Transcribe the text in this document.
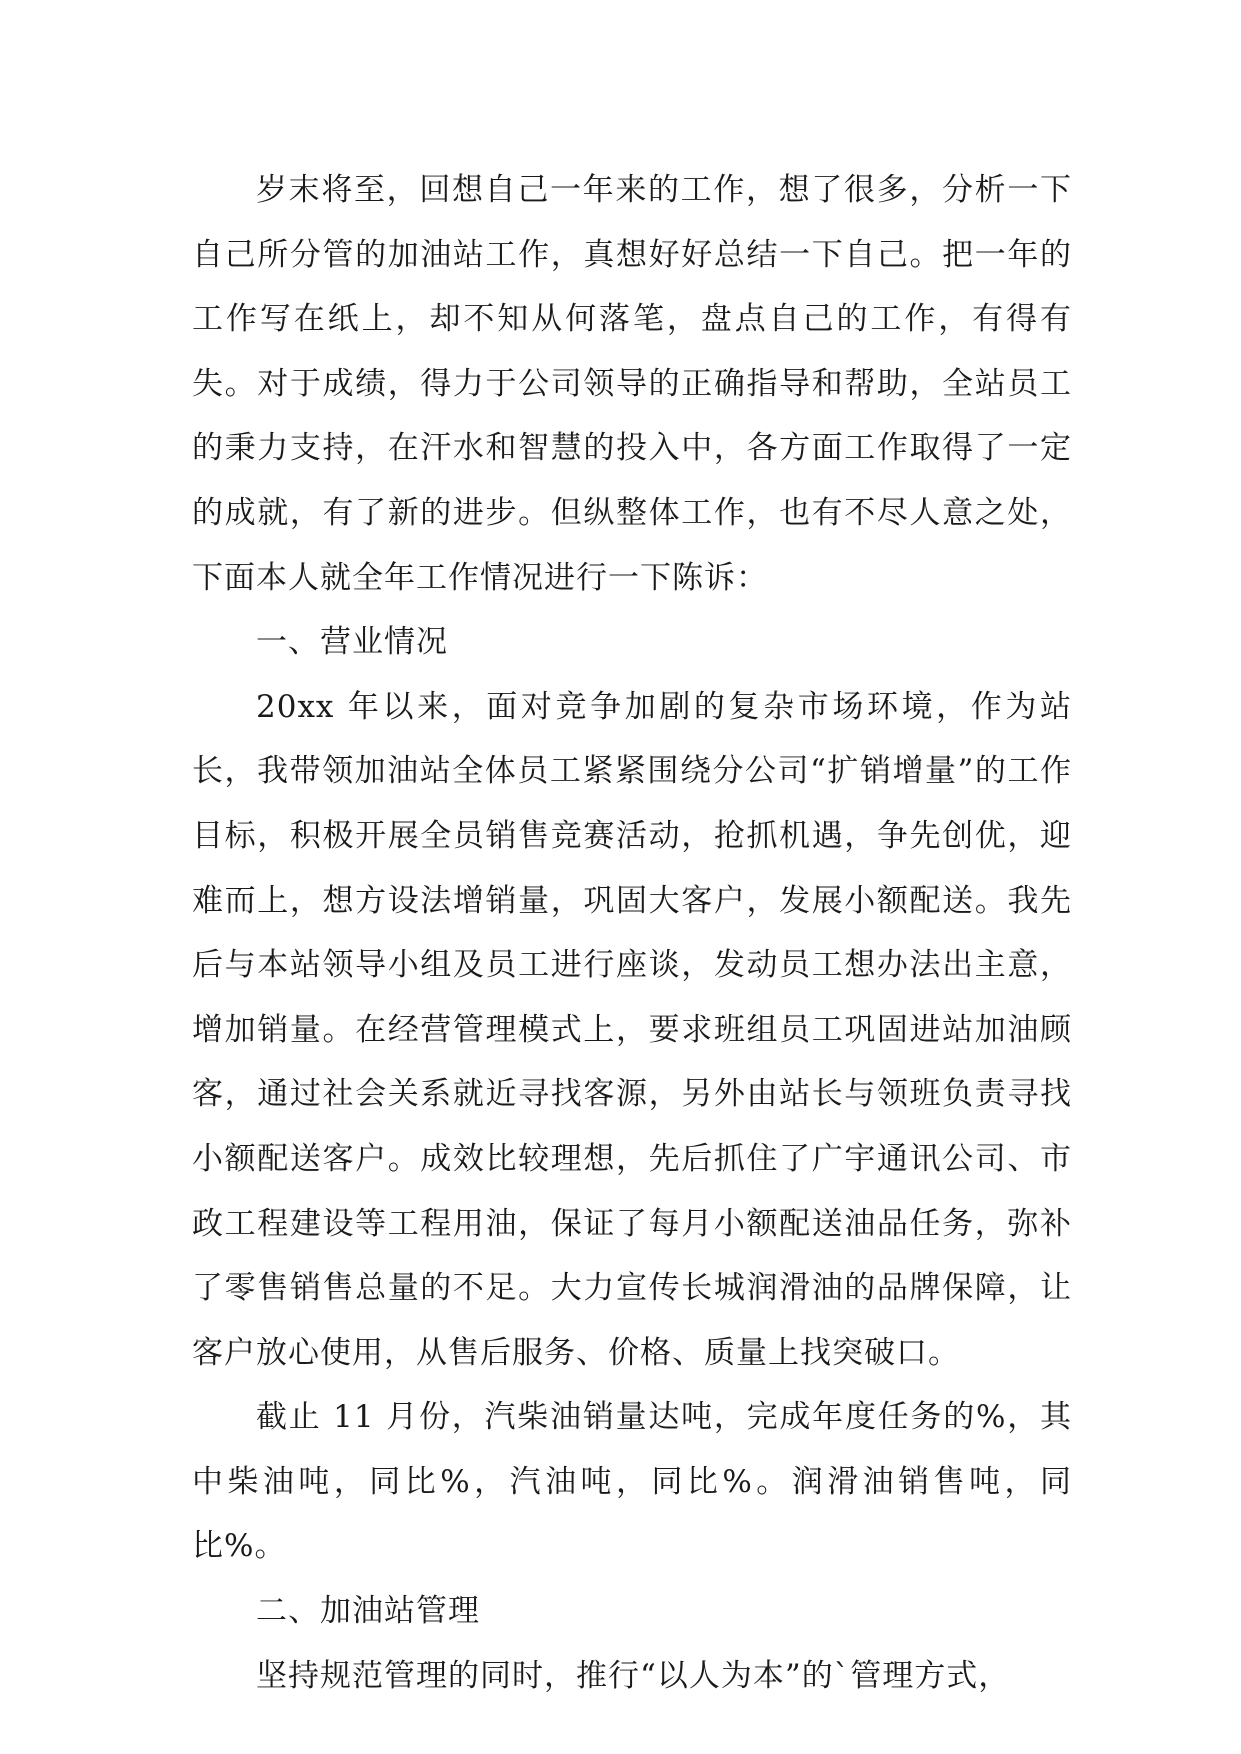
岁末将至，回想自己一年来的工作，想了很多，分析一下自己所分管的加油站工作，真想好好总结一下自己。把一年的工作写在纸上，却不知从何落笔，盘点自己的工作，有得有失。对于成绩，得力于公司领导的正确指导和帮助，全站员工的秉力支持，在汗水和智慧的投入中，各方面工作取得了一定的成就，有了新的进步。但纵整体工作，也有不尽人意之处，下面本人就全年工作情况进行一下陈诉：

一、营业情况

20xx 年以来，面对竞争加剧的复杂市场环境，作为站长，我带领加油站全体员工紧紧围绕分公司“扩销增量”的工作目标，积极开展全员销售竞赛活动，抢抓机遇，争先创优，迎难而上，想方设法增销量，巩固大客户，发展小额配送。我先后与本站领导小组及员工进行座谈，发动员工想办法出主意，增加销量。在经营管理模式上，要求班组员工巩固进站加油顾客，通过社会关系就近寻找客源，另外由站长与领班负责寻找小额配送客户。成效比较理想，先后抓住了广宇通讯公司、市政工程建设等工程用油，保证了每月小额配送油品任务，弥补了零售销售总量的不足。大力宣传长城润滑油的品牌保障，让客户放心使用，从售后服务、价格、质量上找突破口。

截止 11 月份，汽柴油销量达吨，完成年度任务的%，其中柴油吨，同比%，汽油吨，同比%。润滑油销售吨，同比%。

二、加油站管理

坚持规范管理的同时，推行“以人为本”的`管理方式，
